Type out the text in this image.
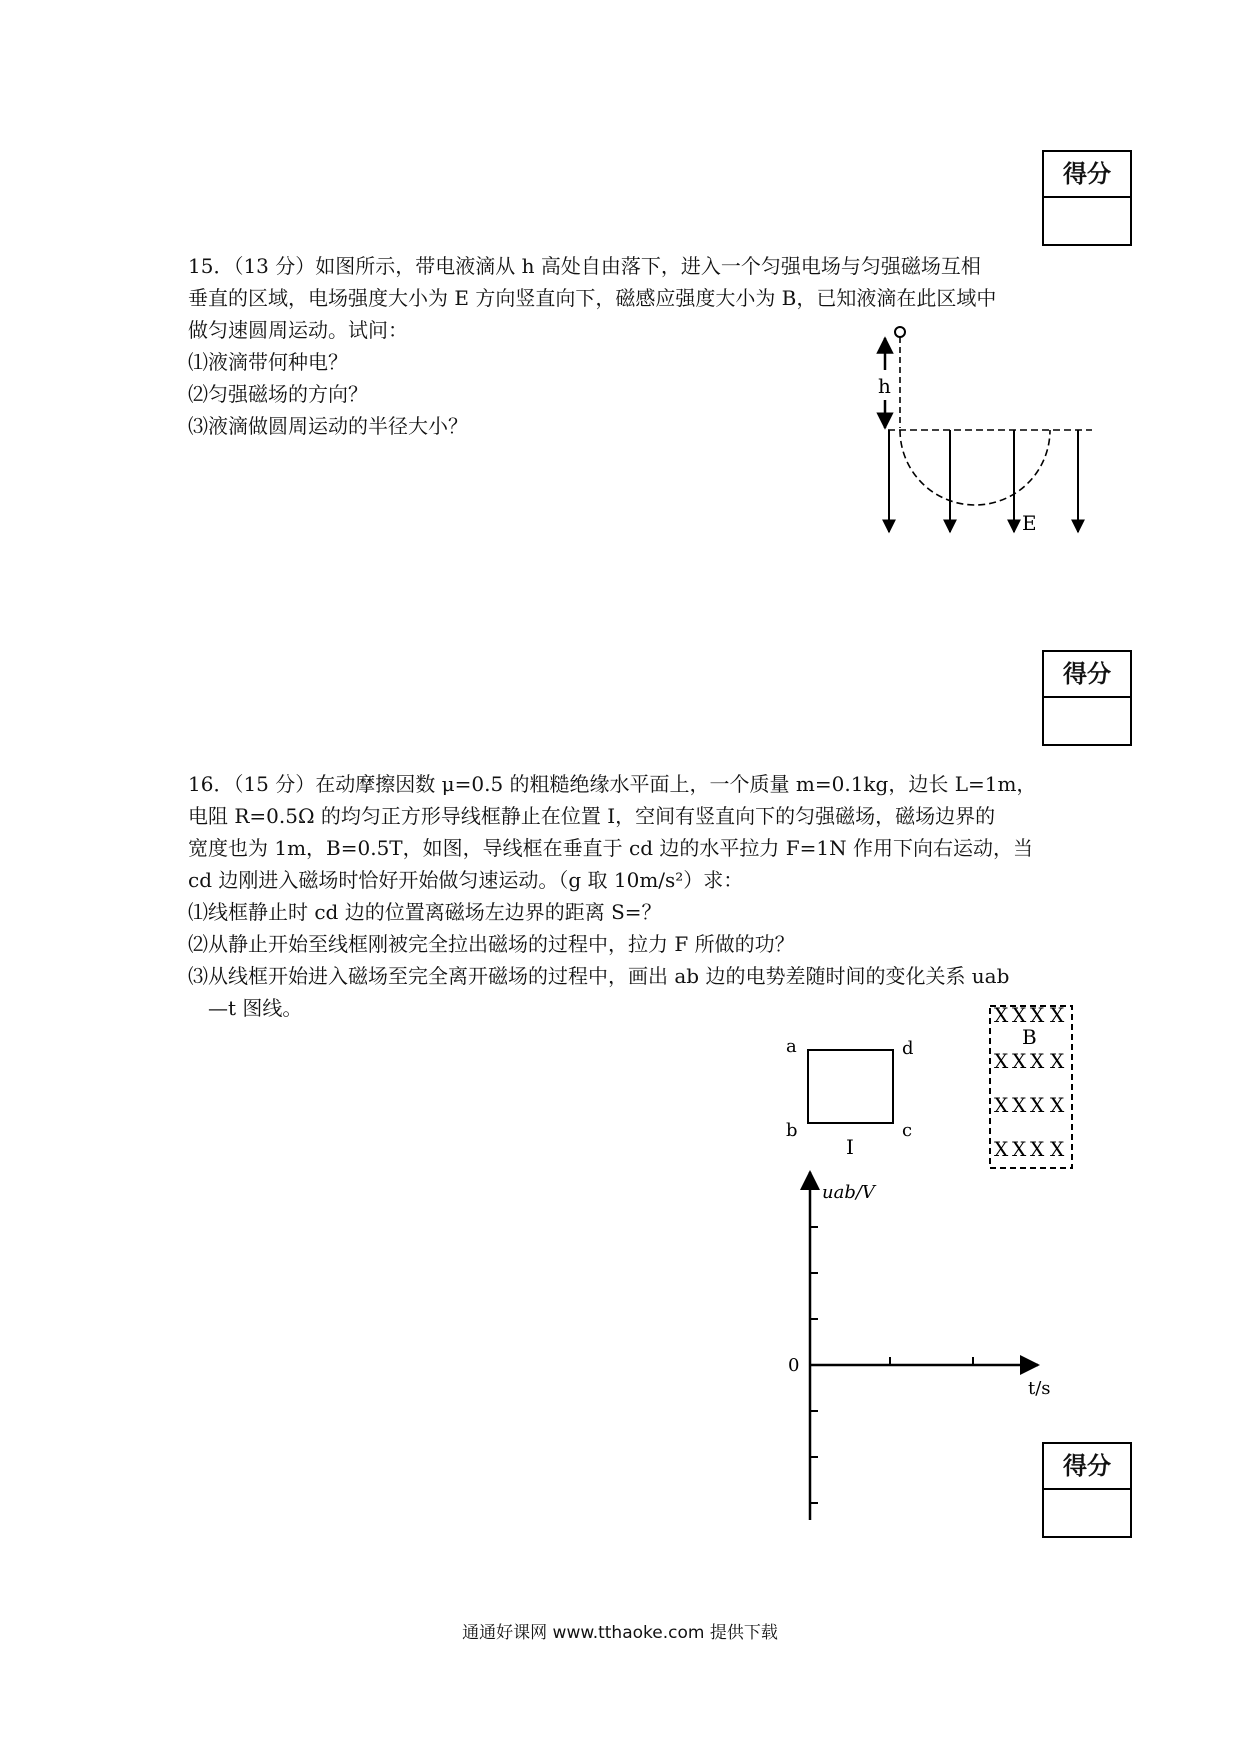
得分
得分
得分

15．（13 分）如图所示，带电液滴从 h 高处自由落下，进入一个匀强电场与匀强磁场互相

垂直的区域，电场强度大小为 E 方向竖直向下，磁感应强度大小为 B，已知液滴在此区域中

做匀速圆周运动。试问：

⑴液滴带何种电？

⑵匀强磁场的方向？

⑶液滴做圆周运动的半径大小？

h
E

16．（15 分）在动摩擦因数 μ=0.5 的粗糙绝缘水平面上，一个质量 m=0.1kg，边长 L=1m，

电阻 R=0.5Ω 的均匀正方形导线框静止在位置 I，空间有竖直向下的匀强磁场，磁场边界的

宽度也为 1m，B=0.5T，如图，导线框在垂直于 cd 边的水平拉力 F=1N 作用下向右运动，当

cd 边刚进入磁场时恰好开始做匀速运动。（g 取 10m/s²）求：

⑴线框静止时 cd 边的位置离磁场左边界的距离 S=？

⑵从静止开始至线框刚被完全拉出磁场的过程中，拉力 F 所做的功？

⑶从线框开始进入磁场至完全离开磁场的过程中，画出 ab 边的电势差随时间的变化关系 uab

—t 图线。

a	d
b	c
I
X X X X
X X X X
X X X X
X X X X
B
uab/V
t/s
0
通通好课网 www.tthaoke.com 提供下载
